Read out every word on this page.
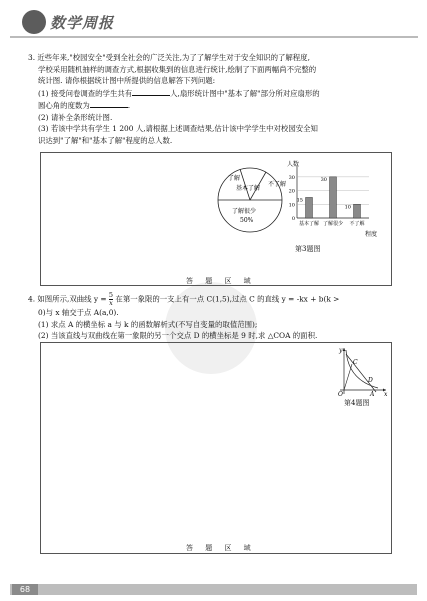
数学周报

3. 近些年来,"校园安全"受到全社会的广泛关注,为了了解学生对于安全知识的了解程度,

学校采用随机抽样的调查方式,根据收集到的信息进行统计,绘制了下面两幅尚不完整的

统计图. 请你根据统计图中所提供的信息解答下列问题:

(1) 接受问卷调查的学生共有	人,扇形统计图中"基本了解"部分所对应扇形的

圆心角的度数为	.

(2) 请补全条形统计图.

(3) 若该中学共有学生 1 200 人,请根据上述调查结果,估计该中学学生中对校园安全知

识达到"了解"和"基本了解"程度的总人数.

了解
基本了解
不了解
了解很少
50%
人数
程度
0
10
20
30
15
基本了解
30
了解很少
10
不了解
第3题图
答 题 区 域

4. 如图所示,双曲线 $y = \frac{5}{x}$ 在第一象限的一支上有一点 C(1,5),过点 C 的直线 y = -kx + b(k >

0)与 x 轴交于点 A(a,0).

(1) 求点 A 的横坐标 a 与 k 的函数解析式(不写自变量的取值范围);

(2) 当该直线与双曲线在第一象限的另一个交点 D 的横坐标是 9 时,求 △COA 的面积.

y
x
O	A
C
D
第4题图
答 题 区 域
68
